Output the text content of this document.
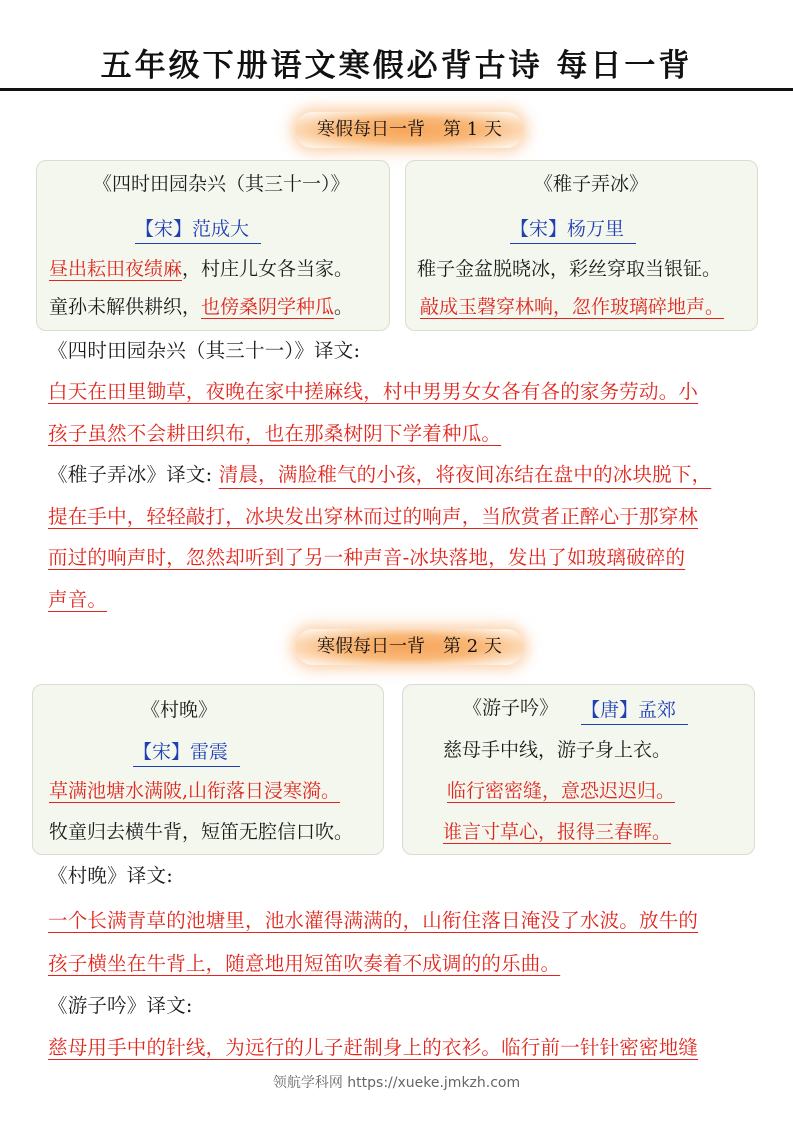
五年级下册语文寒假必背古诗 每日一背
寒假每日一背　第 1 天
《四时田园杂兴（其三十一）》
【宋】范成大
昼出耘田夜绩麻，村庄儿女各当家。
童孙未解供耕织，也傍桑阴学种瓜。
《稚子弄冰》
【宋】杨万里
稚子金盆脱晓冰，彩丝穿取当银钲。
敲成玉磬穿林响，忽作玻璃碎地声。
《四时田园杂兴（其三十一）》译文:
白天在田里锄草，夜晚在家中搓麻线，村中男男女女各有各的家务劳动。小
孩子虽然不会耕田织布，也在那桑树阴下学着种瓜。
《稚子弄冰》译文: 清晨，满脸稚气的小孩，将夜间冻结在盘中的冰块脱下，
提在手中，轻轻敲打，冰块发出穿林而过的响声，当欣赏者正醉心于那穿林
而过的响声时，忽然却听到了另一种声音-冰块落地，发出了如玻璃破碎的
声音。
寒假每日一背　第 2 天
《村晚》
【宋】雷震
草满池塘水满陂,山衔落日浸寒漪。
牧童归去横牛背，短笛无腔信口吹。
《游子吟》 【唐】孟郊
慈母手中线，游子身上衣。
临行密密缝，意恐迟迟归。
谁言寸草心，报得三春晖。
《村晚》译文:
一个长满青草的池塘里，池水灌得满满的，山衔住落日淹没了水波。放牛的
孩子横坐在牛背上，随意地用短笛吹奏着不成调的的乐曲。
《游子吟》译文:
慈母用手中的针线，为远行的儿子赶制身上的衣衫。临行前一针针密密地缝
领航学科网 https://xueke.jmkzh.com
